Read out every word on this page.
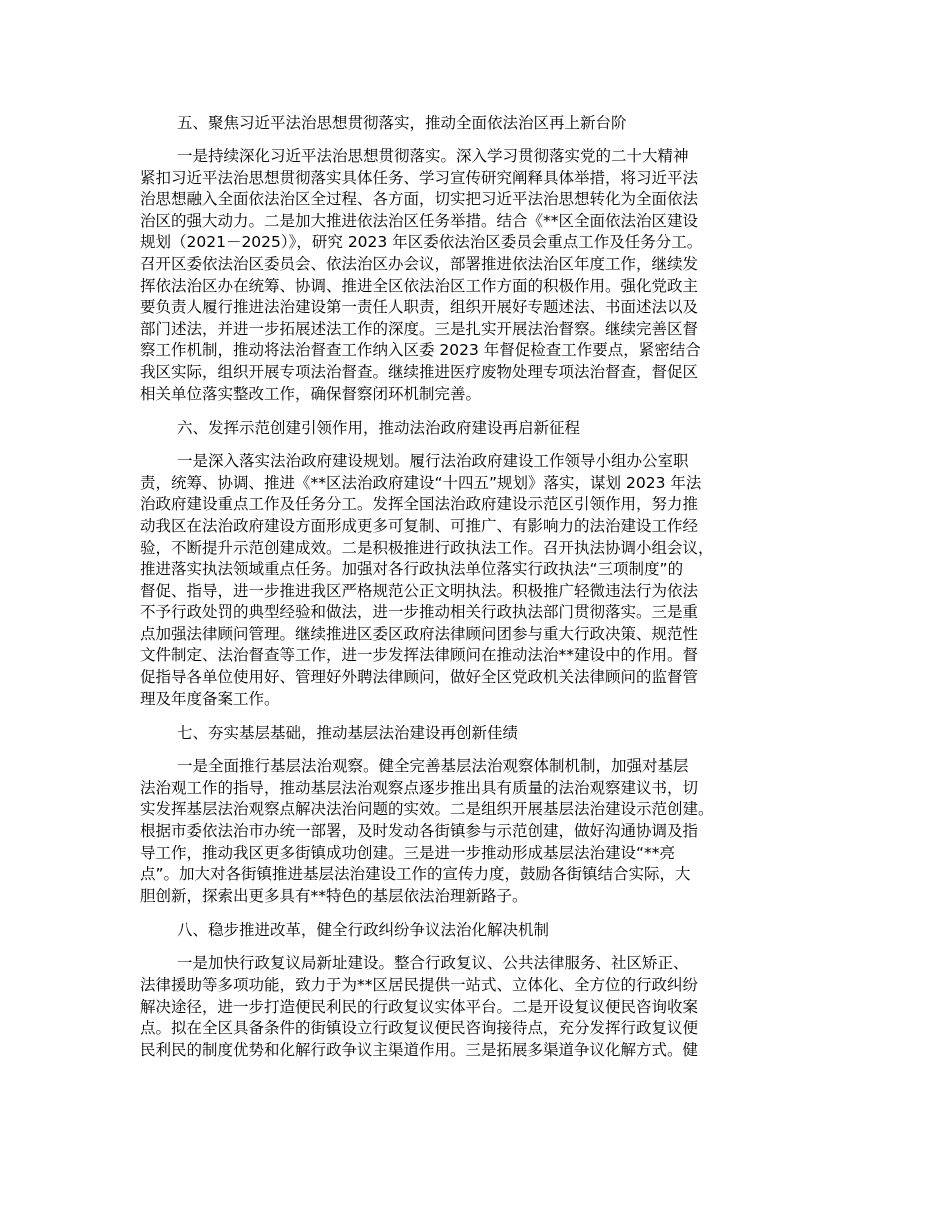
五、聚焦习近平法治思想贯彻落实，推动全面依法治区再上新台阶
一是持续深化习近平法治思想贯彻落实。深入学习贯彻落实党的二十大精神
紧扣习近平法治思想贯彻落实具体任务、学习宣传研究阐释具体举措，将习近平法
治思想融入全面依法治区全过程、各方面，切实把习近平法治思想转化为全面依法
治区的强大动力。二是加大推进依法治区任务举措。结合《**区全面依法治区建设
规划（2021－2025）》，研究 2023 年区委依法治区委员会重点工作及任务分工。
召开区委依法治区委员会、依法治区办会议，部署推进依法治区年度工作，继续发
挥依法治区办在统筹、协调、推进全区依法治区工作方面的积极作用。强化党政主
要负责人履行推进法治建设第一责任人职责，组织开展好专题述法、书面述法以及
部门述法，并进一步拓展述法工作的深度。三是扎实开展法治督察。继续完善区督
察工作机制，推动将法治督查工作纳入区委 2023 年督促检查工作要点，紧密结合
我区实际，组织开展专项法治督查。继续推进医疗废物处理专项法治督查，督促区
相关单位落实整改工作，确保督察闭环机制完善。
六、发挥示范创建引领作用，推动法治政府建设再启新征程
一是深入落实法治政府建设规划。履行法治政府建设工作领导小组办公室职
责，统筹、协调、推进《**区法治政府建设“十四五”规划》落实，谋划 2023 年法
治政府建设重点工作及任务分工。发挥全国法治政府建设示范区引领作用，努力推
动我区在法治政府建设方面形成更多可复制、可推广、有影响力的法治建设工作经
验，不断提升示范创建成效。二是积极推进行政执法工作。召开执法协调小组会议，
推进落实执法领域重点任务。加强对各行政执法单位落实行政执法“三项制度”的
督促、指导，进一步推进我区严格规范公正文明执法。积极推广轻微违法行为依法
不予行政处罚的典型经验和做法，进一步推动相关行政执法部门贯彻落实。三是重
点加强法律顾问管理。继续推进区委区政府法律顾问团参与重大行政决策、规范性
文件制定、法治督查等工作，进一步发挥法律顾问在推动法治**建设中的作用。督
促指导各单位使用好、管理好外聘法律顾问，做好全区党政机关法律顾问的监督管
理及年度备案工作。
七、夯实基层基础，推动基层法治建设再创新佳绩
一是全面推行基层法治观察。健全完善基层法治观察体制机制，加强对基层
法治观工作的指导，推动基层法治观察点逐步推出具有质量的法治观察建议书，切
实发挥基层法治观察点解决法治问题的实效。二是组织开展基层法治建设示范创建。
根据市委依法治市办统一部署，及时发动各街镇参与示范创建，做好沟通协调及指
导工作，推动我区更多街镇成功创建。三是进一步推动形成基层法治建设“**亮
点”。加大对各街镇推进基层法治建设工作的宣传力度，鼓励各街镇结合实际，大
胆创新，探索出更多具有**特色的基层依法治理新路子。
八、稳步推进改革，健全行政纠纷争议法治化解决机制
一是加快行政复议局新址建设。整合行政复议、公共法律服务、社区矫正、
法律援助等多项功能，致力于为**区居民提供一站式、立体化、全方位的行政纠纷
解决途径，进一步打造便民利民的行政复议实体平台。二是开设复议便民咨询收案
点。拟在全区具备条件的街镇设立行政复议便民咨询接待点，充分发挥行政复议便
民利民的制度优势和化解行政争议主渠道作用。三是拓展多渠道争议化解方式。健
